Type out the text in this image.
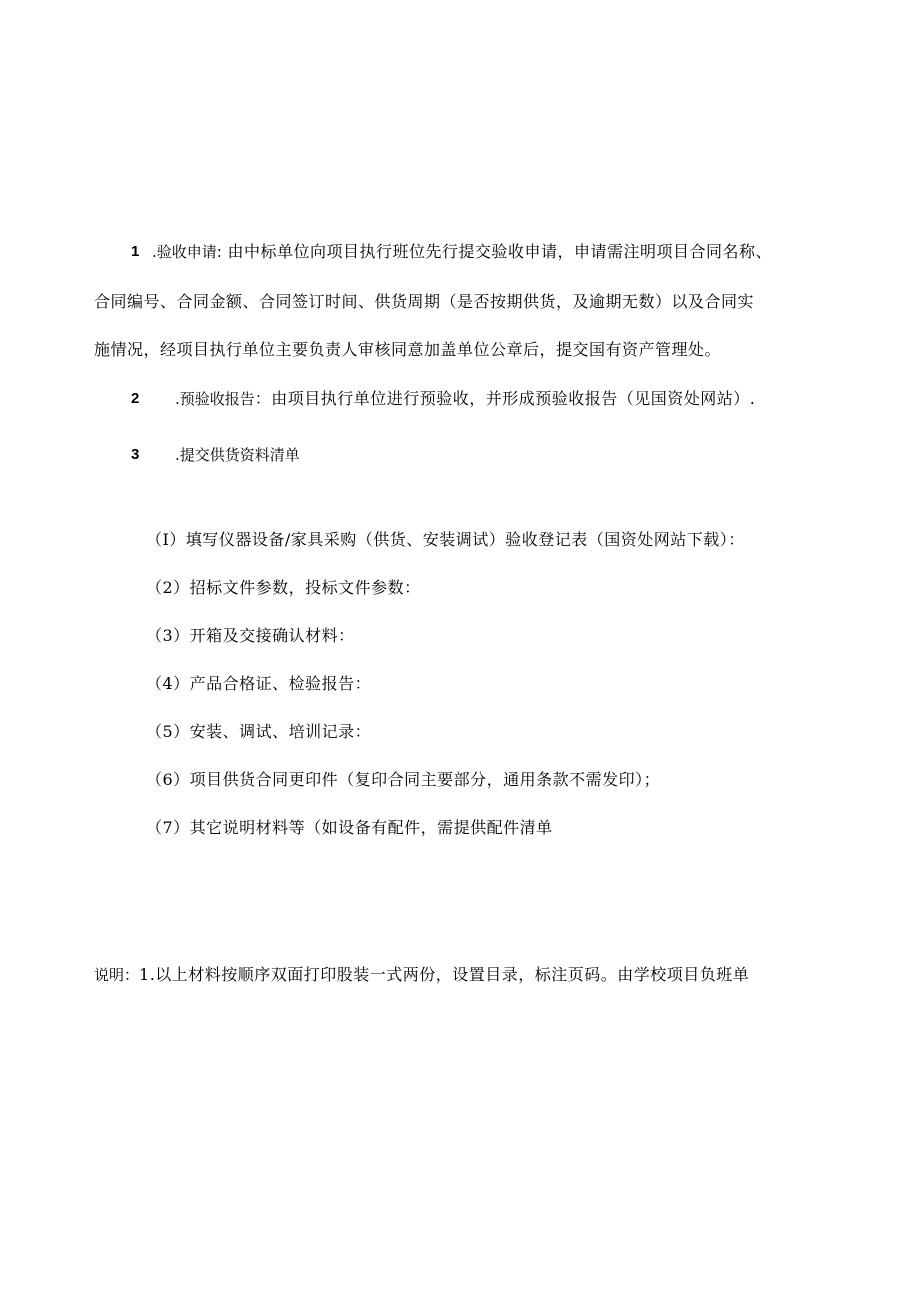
1 .验收申请: 由中标单位向项目执行班位先行提交验收申请，申请需注明项目合同名称、
合同编号、合同金额、合同签订时间、供货周期（是否按期供货，及逾期无数）以及合同实
施情况，经项目执行单位主要负责人审核同意加盖单位公章后，提交国有资产管理处。
2 .预验收报告：由项目执行单位进行预验收，并形成预验收报告（见国资处网站）.
3 .提交供货资料清单
（I）填写仪器设备/家具采购（供货、安装调试）验收登记表（国资处网站下载）：
（2）招标文件参数，投标文件参数：
（3）开箱及交接确认材料：
（4）产品合格证、检验报告：
（5）安装、调试、培训记录：
（6）项目供货合同更印件（复印合同主要部分，通用条款不需发印）；
（7）其它说明材料等（如设备有配件，需提供配件清单
说明：1.以上材料按顺序双面打印股装一式两份，设置目录，标注页码。由学校项目负班单
